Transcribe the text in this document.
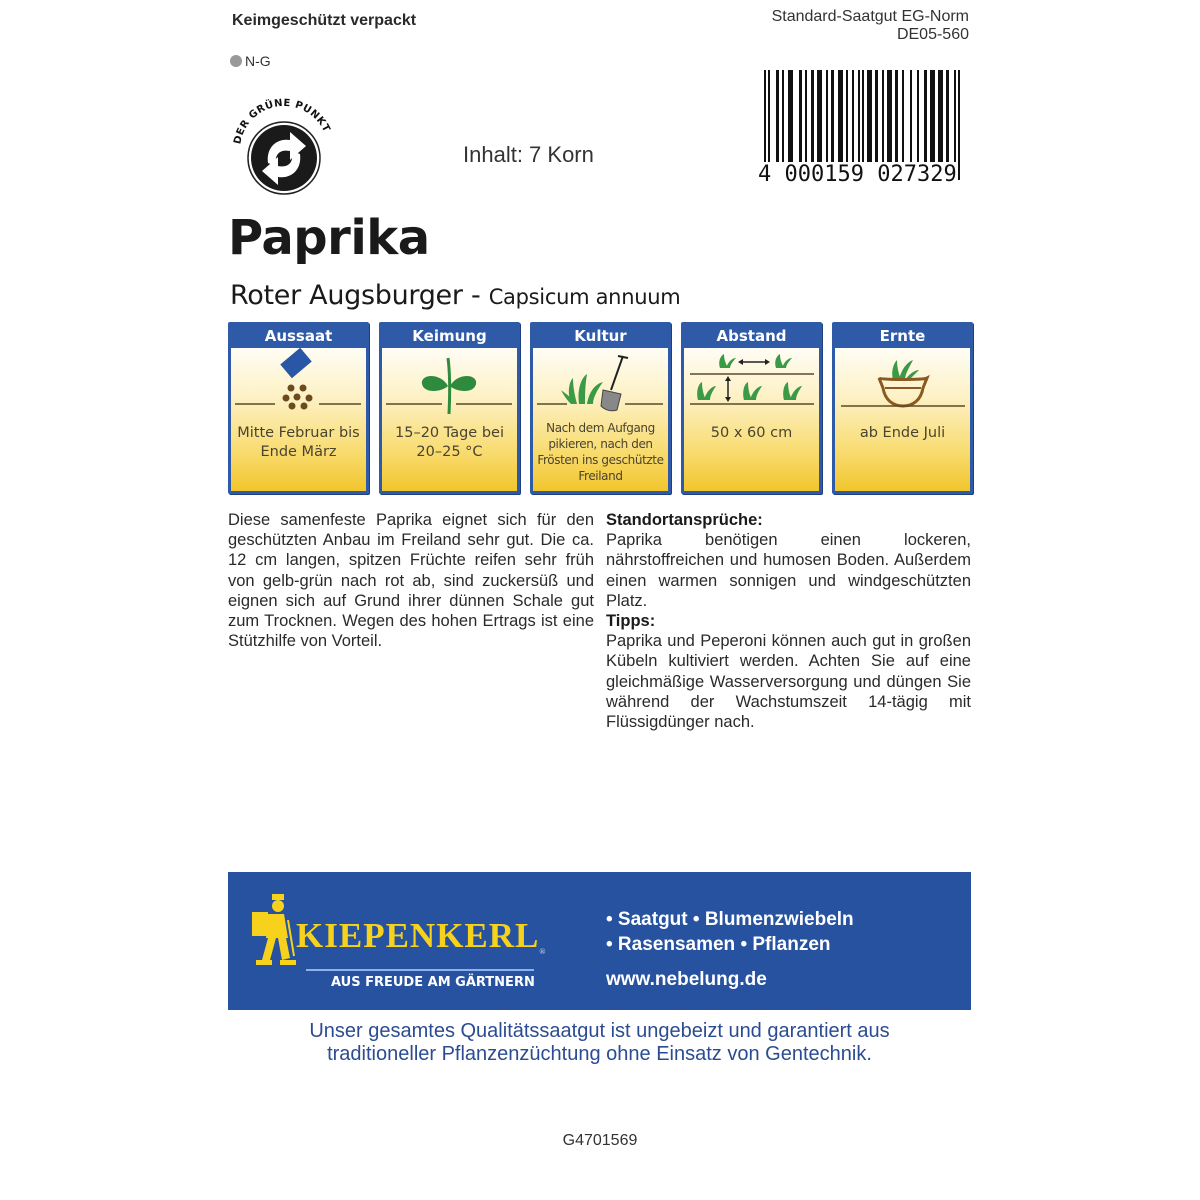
Keimgeschützt verpackt
N-G
Standard-Saatgut EG-Norm
DE05-560
DER GRÜNE PUNKT
Inhalt: 7 Korn
4 000159 027329
Paprika
Roter Augsburger - Capsicum annuum
Aussaat
Mitte Februar bis Ende März
Keimung
15–20 Tage bei 20–25 °C
Kultur
Nach dem Aufgang pikieren, nach den Frösten ins geschützte Freiland
Abstand
50 x 60 cm
Ernte
ab Ende Juli
Diese samenfeste Paprika eignet sich für den geschützten Anbau im Freiland sehr gut. Die ca. 12 cm langen, spitzen Früchte reifen sehr früh von gelb-grün nach rot ab, sind zuckersüß und eignen sich auf Grund ihrer dünnen Schale gut zum Trocknen. Wegen des hohen Ertrags ist eine Stützhilfe von Vorteil.
Standortansprüche:

Paprika benötigen einen lockeren, nährstoffreichen und humosen Boden. Außerdem einen warmen sonnigen und windgeschützten Platz.

Tipps:

Paprika und Peperoni können auch gut in großen Kübeln kultiviert werden. Achten Sie auf eine gleichmäßige Wasserversorgung und düngen Sie während der Wachstumszeit 14-tägig mit Flüssigdünger nach.

KIEPENKERL®
AUS FREUDE AM GÄRTNERN
• Saatgut • Blumenzwiebeln
• Rasensamen • Pflanzen
www.nebelung.de
Unser gesamtes Qualitätssaatgut ist ungebeizt und garantiert aus
traditioneller Pflanzenzüchtung ohne Einsatz von Gentechnik.
G4701569
